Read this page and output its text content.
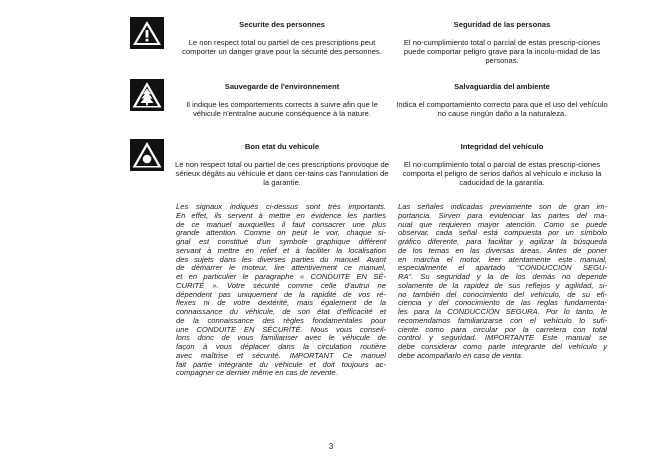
Securite des personnes
Le non respect total ou partiel de ces prescriptions peut comporter un danger grave pour la sécurité des personnes.
Seguridad de las personas
El no-cumplimiento total o parcial de estas prescrip-ciones puede comportar peligro grave para la incolu-midad de las personas.
Sauvegarde de l'environnement
Il indique les comportements corrects à suivre afin que le véhicule n'entraîne aucune conséquence à la nature.
Salvaguardia del ambiente
Indica el comportamiento correcto para que el uso del vehículo no cause ningún daño a la naturaleza.
Bon etat du vehicule
Le non respect total ou partiel de ces prescriptions provoque de sérieux dégâts au véhicule et dans cer-tains cas l'annulation de la garantie.
Integridad del vehículo
El no-cumplimiento total o parcial de estas prescrip-ciones comporta el peligro de serios daños al vehículo e incluso la caducidad de la garantía.
Les signaux indiqués ci-dessus sont très importants.
En effet, ils servent à mettre en évidence les parties
de ce manuel auxquelles il faut consacrer une plus
grande attention. Comme on peut le voir, chaque si-
gnal est constitué d'un symbole graphique différent
servant à mettre en relief et à faciliter la localisation
des sujets dans les diverses parties du manuel. Avant
de démarrer le moteur, lire attentivement ce manuel,
et en particulier le paragraphe « CONDUITE EN SÉ-
CURITÉ ». Votre sécurité comme celle d'autrui ne
dépendent pas uniquement de la rapidité de vos ré-
flexes ni de votre dextérité, mais également de la
connaissance du véhicule, de son état d'efficacité et
de la connaissance des règles fondamentales pour
une CONDUITE EN SÉCURITÉ. Nous vous conseil-
lons donc de vous familiariser avec le véhicule de
façon à vous déplacer dans la circulation routière
avec maîtrise et sécurité. IMPORTANT Ce manuel
fait partie intégrante du véhicule et doit toujours ac-
compagner ce dernier même en cas de revente.
Las señales indicadas previamente son de gran im-
portancia. Sirven para evidenciar las partes del ma-
nual que requieren mayor atención. Como se puede
observar, cada señal está compuesta por un símbolo
gráfico diferente, para facilitar y agilizar la búsqueda
de los temas en las diversas áreas. Antes de poner
en marcha el motor, leer atentamente este manual,
especialmente el apartado "CONDUCCIÓN SEGU-
RA". Su seguridad y la de los demás no depende
solamente de la rapidez de sus reflejos y agilidad, si-
no también del conocimiento del vehículo, de su efi-
ciencia y del conocimiento de las reglas fundamenta-
les para la CONDUCCIÓN SEGURA. Por lo tanto, le
recomendamos familiarizarse con el vehículo lo sufi-
ciente como para circular por la carretera con total
control y seguridad. IMPORTANTE Este manual se
debe considerar como parte integrante del vehículo y
debe acompañarlo en caso de venta.
3
